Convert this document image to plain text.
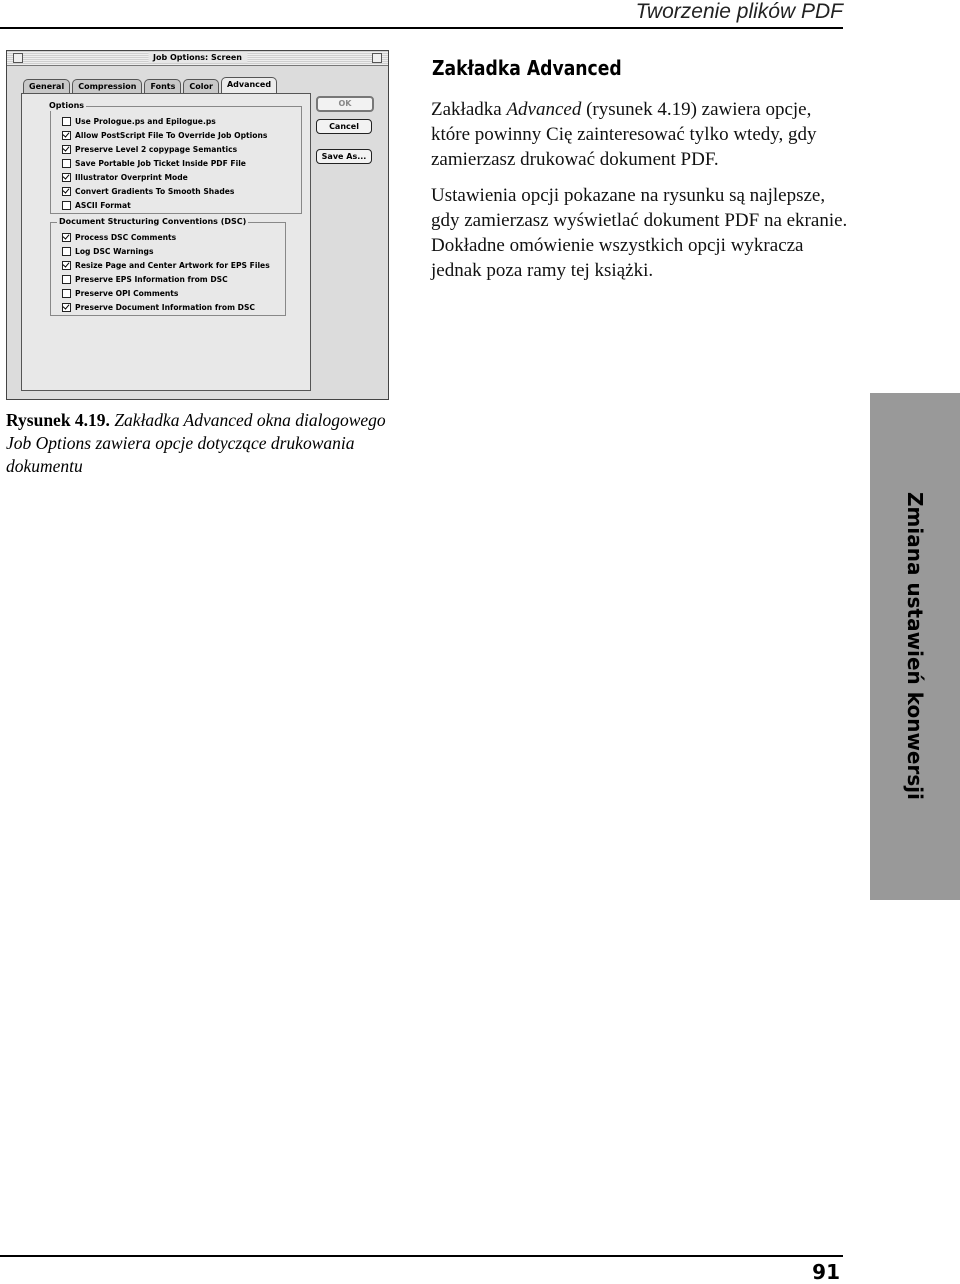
Tworzenie plików PDF
Job Options: Screen
General	Compression	Fonts	Color	Advanced
Options
Use Prologue.ps and Epilogue.ps
Allow PostScript File To Override Job Options
Preserve Level 2 copypage Semantics
Save Portable Job Ticket Inside PDF File
Illustrator Overprint Mode
Convert Gradients To Smooth Shades
ASCII Format
Document Structuring Conventions (DSC)
Process DSC Comments
Log DSC Warnings
Resize Page and Center Artwork for EPS Files
Preserve EPS Information from DSC
Preserve OPI Comments
Preserve Document Information from DSC
OK
Cancel
Save As...
Zakładka Advanced

Zakładka Advanced (rysunek 4.19) zawiera opcje, które powinny Cię zainteresować tylko wtedy, gdy zamierzasz drukować dokument PDF.

Ustawienia opcji pokazane na rysunku są najlepsze, gdy zamierzasz wyświetlać dokument PDF na ekranie. Dokładne omówienie wszystkich opcji wykracza jednak poza ramy tej książki.

Rysunek 4.19. Zakładka Advanced okna dialogowego Job Options zawiera opcje dotyczące drukowania dokumentu

Zmiana ustawień konwersji
91
